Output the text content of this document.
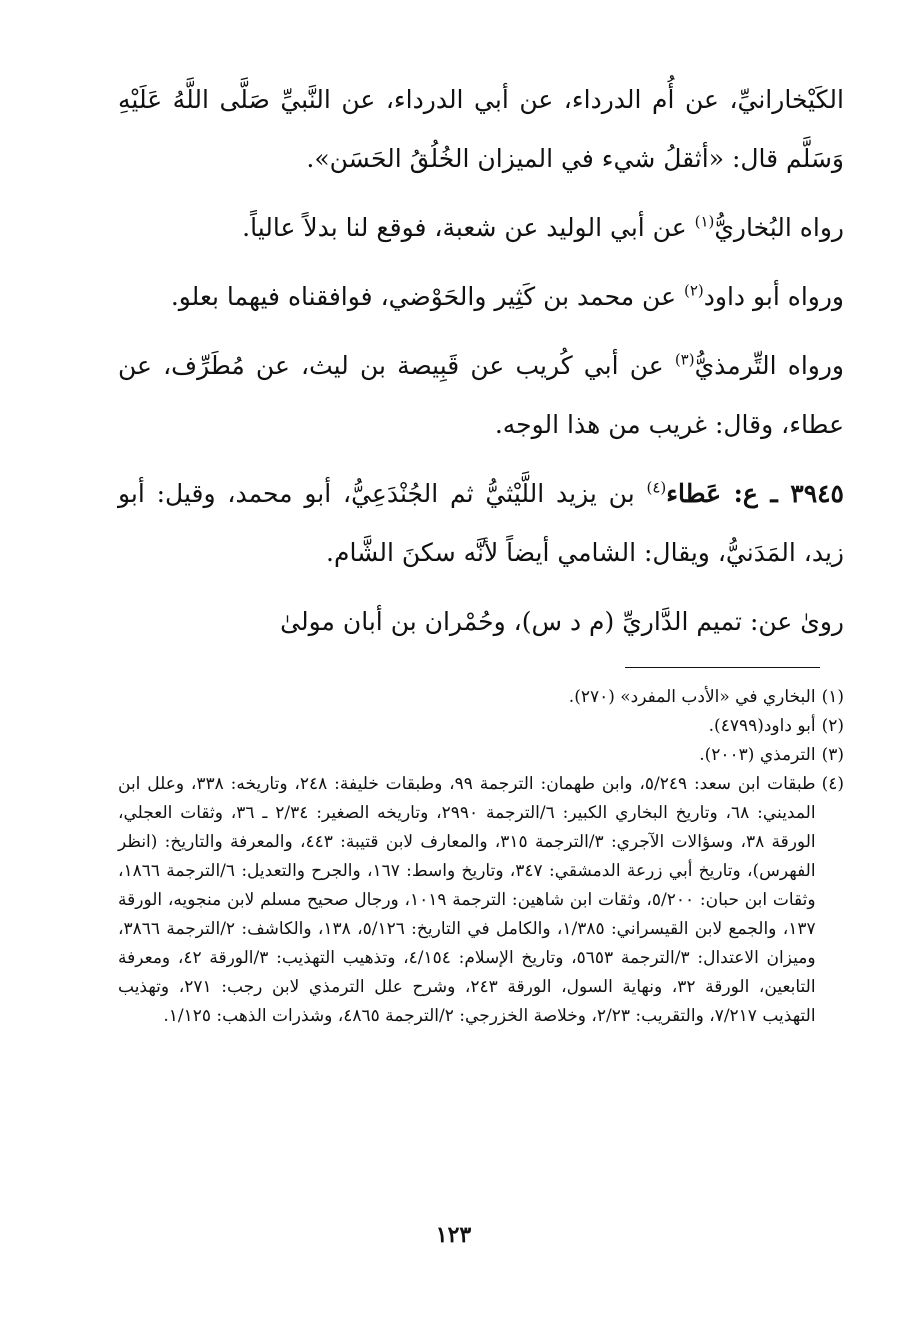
الكَيْخارانيِّ، عن أُم الدرداء، عن أبي الدرداء، عن النَّبيِّ صَلَّى اللَّهُ عَلَيْهِ وَسَلَّم قال: «أثقلُ شيء في الميزان الخُلُقُ الحَسَن».

رواه البُخاريُّ$^{(١)}$ عن أبي الوليد عن شعبة، فوقع لنا بدلاً عالياً.

ورواه أبو داود$^{(٢)}$ عن محمد بن كَثِير والحَوْضي، فوافقناه فيهما بعلو.

ورواه التِّرمذيُّ$^{(٣)}$ عن أبي كُريب عن قَبِيصة بن ليث، عن مُطَرِّف، عن عطاء، وقال: غريب من هذا الوجه.

٣٩٤٥ ـ ع: عَطاء$^{(٤)}$ بن يزيد اللَّيْثيُّ ثم الجُنْدَعِيُّ، أبو محمد، وقيل: أبو زيد، المَدَنيُّ، ويقال: الشامي أيضاً لأنَّه سكنَ الشَّام.

روىٰ عن: تميم الدَّاريِّ (م د س)، وحُمْران بن أبان مولىٰ

(١)
البخاري في «الأدب المفرد» (٢٧٠).
(٢)
أبو داود(٤٧٩٩).
(٣)
الترمذي (٢٠٠٣).
(٤)
طبقات ابن سعد: ٥/٢٤٩، وابن طهمان: الترجمة ٩٩، وطبقات خليفة: ٢٤٨، وتاريخه: ٣٣٨، وعلل ابن المديني: ٦٨، وتاريخ البخاري الكبير: ٦/الترجمة ٢٩٩٠، وتاريخه الصغير: ٢/٣٤ ـ ٣٦، وثقات العجلي، الورقة ٣٨، وسؤالات الآجري: ٣/الترجمة ٣١٥، والمعارف لابن قتيبة: ٤٤٣، والمعرفة والتاريخ: (انظر الفهرس)، وتاريخ أبي زرعة الدمشقي: ٣٤٧، وتاريخ واسط: ١٦٧، والجرح والتعديل: ٦/الترجمة ١٨٦٦، وثقات ابن حبان: ٥/٢٠٠، وثقات ابن شاهين: الترجمة ١٠١٩، ورجال صحيح مسلم لابن منجويه، الورقة ١٣٧، والجمع لابن القيسراني: ١/٣٨٥، والكامل في التاريخ: ٥/١٢٦، ١٣٨، والكاشف: ٢/الترجمة ٣٨٦٦، وميزان الاعتدال: ٣/الترجمة ٥٦٥٣، وتاريخ الإسلام: ٤/١٥٤، وتذهيب التهذيب: ٣/الورقة ٤٢، ومعرفة التابعين، الورقة ٣٢، ونهاية السول، الورقة ٢٤٣، وشرح علل الترمذي لابن رجب: ٢٧١، وتهذيب التهذيب ٧/٢١٧، والتقريب: ٢/٢٣، وخلاصة الخزرجي: ٢/الترجمة ٤٨٦٥، وشذرات الذهب: ١/١٢٥.
١٢٣
